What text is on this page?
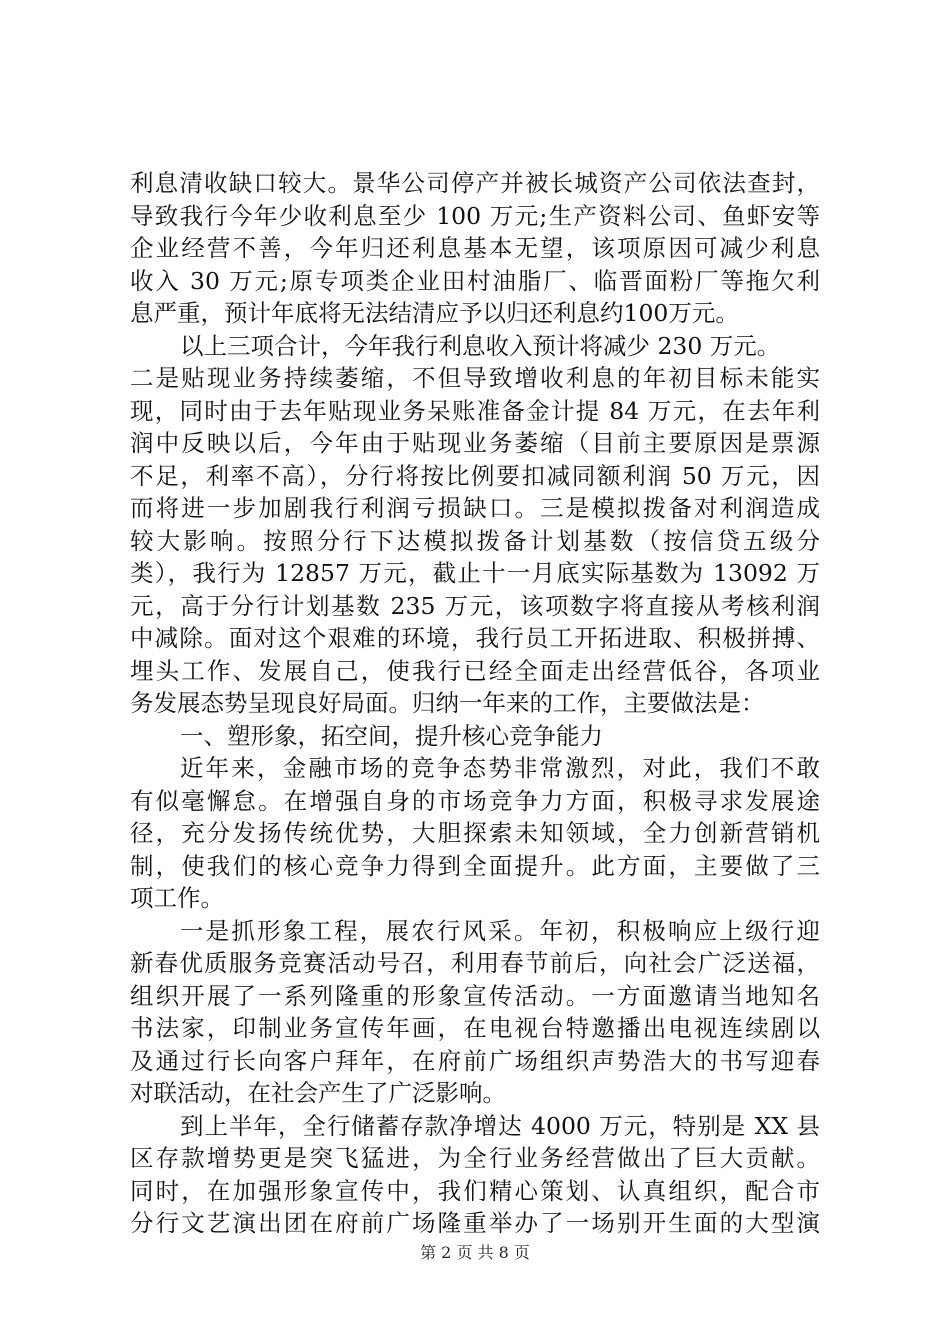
利息清收缺口较大。景华公司停产并被长城资产公司依法查封，
导致我行今年少收利息至少 100 万元;生产资料公司、鱼虾安等
企业经营不善，今年归还利息基本无望，该项原因可减少利息
收入 30 万元;原专项类企业田村油脂厂、临晋面粉厂等拖欠利
息严重，预计年底将无法结清应予以归还利息约100万元。
以上三项合计，今年我行利息收入预计将减少 230 万元。
二是贴现业务持续萎缩，不但导致增收利息的年初目标未能实
现，同时由于去年贴现业务呆账准备金计提 84 万元，在去年利
润中反映以后，今年由于贴现业务萎缩（目前主要原因是票源
不足，利率不高），分行将按比例要扣减同额利润 50 万元，因
而将进一步加剧我行利润亏损缺口。三是模拟拨备对利润造成
较大影响。按照分行下达模拟拨备计划基数（按信贷五级分
类），我行为 12857 万元，截止十一月底实际基数为 13092 万
元，高于分行计划基数 235 万元，该项数字将直接从考核利润
中减除。面对这个艰难的环境，我行员工开拓进取、积极拼搏、
埋头工作、发展自己，使我行已经全面走出经营低谷，各项业
务发展态势呈现良好局面。归纳一年来的工作，主要做法是：
一、塑形象，拓空间，提升核心竞争能力
近年来，金融市场的竞争态势非常激烈，对此，我们不敢
有似毫懈怠。在增强自身的市场竞争力方面，积极寻求发展途
径，充分发扬传统优势，大胆探索未知领域，全力创新营销机
制，使我们的核心竞争力得到全面提升。此方面，主要做了三
项工作。
一是抓形象工程，展农行风采。年初，积极响应上级行迎
新春优质服务竞赛活动号召，利用春节前后，向社会广泛送福，
组织开展了一系列隆重的形象宣传活动。一方面邀请当地知名
书法家，印制业务宣传年画，在电视台特邀播出电视连续剧以
及通过行长向客户拜年，在府前广场组织声势浩大的书写迎春
对联活动，在社会产生了广泛影响。
到上半年，全行储蓄存款净增达 4000 万元，特别是 XX 县
区存款增势更是突飞猛进，为全行业务经营做出了巨大贡献。
同时，在加强形象宣传中，我们精心策划、认真组织，配合市
分行文艺演出团在府前广场隆重举办了一场别开生面的大型演
第 2 页 共 8 页
